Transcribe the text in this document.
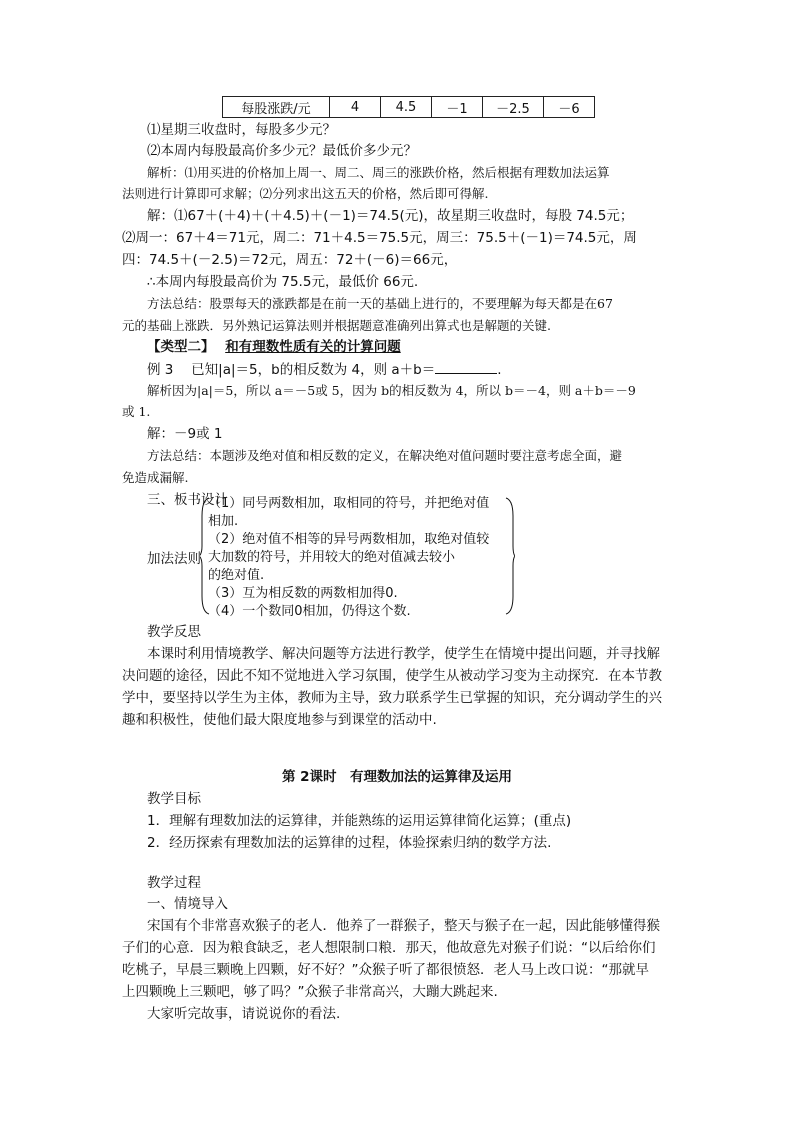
每股涨跌/元	4	4.5	－1	－2.5	－6
⑴星期三收盘时，每股多少元？
⑵本周内每股最高价多少元？最低价多少元？
解析：⑴用买进的价格加上周一、周二、周三的涨跌价格，然后根据有理数加法运算
法则进行计算即可求解；⑵分列求出这五天的价格，然后即可得解.
解：⑴67＋(＋4)＋(＋4.5)＋(－1)＝74.5(元)，故星期三收盘时，每股 74.5元；
⑵周一：67＋4＝71元，周二：71＋4.5＝75.5元，周三：75.5＋(－1)＝74.5元，周
四：74.5＋(－2.5)＝72元，周五：72＋(－6)＝66元，
∴本周内每股最高价为 75.5元，最低价 66元.
方法总结：股票每天的涨跌都是在前一天的基础上进行的，不要理解为每天都是在67
元的基础上涨跌．另外熟记运算法则并根据题意准确列出算式也是解题的关键.
【类型二】 和有理数性质有关的计算问题
例 3　 已知|a|＝5，b的相反数为 4，则 a＋b＝	.
解析因为|a|＝5，所以 a＝－5或 5，因为 b的相反数为 4，所以 b＝－4，则 a＋b＝－9
或 1.
解：－9或 1
方法总结：本题涉及绝对值和相反数的定义，在解决绝对值问题时要注意考虑全面，避
免造成漏解.
三、板书设计
加法法则
（1）同号两数相加，取相同的符号，并把绝对值
相加.
（2）绝对值不相等的异号两数相加，取绝对值较
大加数的符号，并用较大的绝对值减去较小
的绝对值.
（3）互为相反数的两数相加得0.
（4）一个数同0相加，仍得这个数.
教学反思
本课时利用情境教学、解决问题等方法进行教学，使学生在情境中提出问题，并寻找解
决问题的途径，因此不知不觉地进入学习氛围，使学生从被动学习变为主动探究．在本节教
学中，要坚持以学生为主体，教师为主导，致力联系学生已掌握的知识，充分调动学生的兴
趣和积极性，使他们最大限度地参与到课堂的活动中.
第 2课时　有理数加法的运算律及运用
教学目标
1．理解有理数加法的运算律，并能熟练的运用运算律简化运算；(重点)
2．经历探索有理数加法的运算律的过程，体验探索归纳的数学方法.
教学过程
一、情境导入
宋国有个非常喜欢猴子的老人．他养了一群猴子，整天与猴子在一起，因此能够懂得猴
子们的心意．因为粮食缺乏，老人想限制口粮．那天，他故意先对猴子们说：“以后给你们
吃桃子，早晨三颗晚上四颗，好不好？”众猴子听了都很愤怒．老人马上改口说：“那就早
上四颗晚上三颗吧，够了吗？”众猴子非常高兴，大蹦大跳起来.
大家听完故事，请说说你的看法.
